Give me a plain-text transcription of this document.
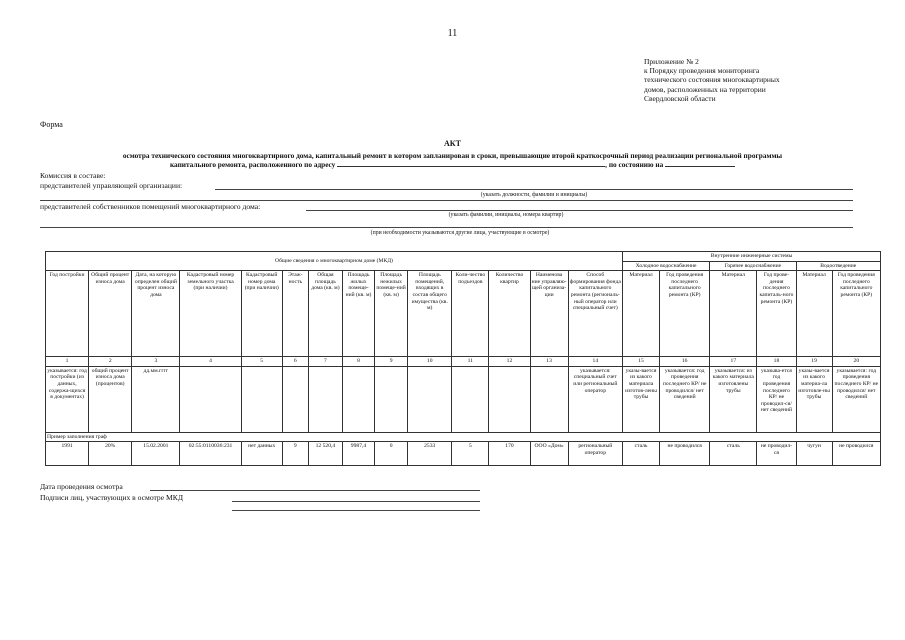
11
Приложение № 2
к Порядку проведения мониторинга
технического состояния многоквартирных
домов, расположенных на территории
Свердловской области
Форма
АКТ
осмотра технического состояния многоквартирного дома, капитальный ремонт в котором запланирован в сроки, превышающие второй краткосрочный период реализации региональной программы
капитального ремонта, расположенного по адресу	, по состоянию на
Комиссия в составе:
представителей управляющей организации:
(указать должности, фамилии и инициалы)
представителей собственников помещений многоквартирного дома:
(указать фамилии, инициалы, номера квартир)
(при необходимости указываются другие лица, участвующие в осмотре)
Общие сведения о многоквартирном доме (МКД)														Внутренние инженерные системы					
														Холодное водоснабжение		Горячее водоснабжение		Водоотведение	
Год постройки	Общий процент износа дома	Дата, на которую определен общий процент износа дома	Кадастровый номер земельного участка (при наличии)	Кадастровый номер дома (при наличии)	Этаж-ность	Общая площадь дома (кв. м)	Площадь жилых помеще-ний (кв. м)	Площадь нежилых помеще-ний (кв. м)	Площадь помещений, входящих в состав общего имущества (кв. м)	Коли-чество подъездов	Количество квартир	Наименова ние управляю-щей организа-ции	Способ формирования фонда капитального ремонта (региональ-ный оператор или специальный счет)	Материал	Год проведения последнего капитального ремонта (КР)	Материал	Год прове-дения последнего капиталь-ного ремонта (КР)	Материал	Год проведения последнего капитального ремонта (КР)
1	2	3	4	5	6	7	8	9	10	11	12	13	14	15	16	17	18	19	20
указывается: год постройки (из данных, содержа-щихся в документах)	общий процент износа дома (процентов)	дд.мм.гггг											указывается: специальный счет или региональный оператор	указы-вается из какого материала изготов-лены трубы	указывается: год проведения последнего КР/ не проводился/ нет сведений	указывается: из какого материала изготовлены трубы	указыва-ется год проведения последнего КР/ не проводил-ся/ нет сведений	указы-вается из какого материа-ла изготовле-ны трубы	указывается: год проведения последнего КР/ не проводился/ нет сведений
Пример заполнения граф																			
1991	20%	15.02.2001	02:55:0110036:231	нет данных	9	12 520,4	9987,4	0	2533	5	170	ООО «Дом»	региональный оператор	сталь	не проводился	сталь	не проводил-ся	чугун	не проводился
Дата проведения осмотра
Подписи лиц, участвующих в осмотре МКД
